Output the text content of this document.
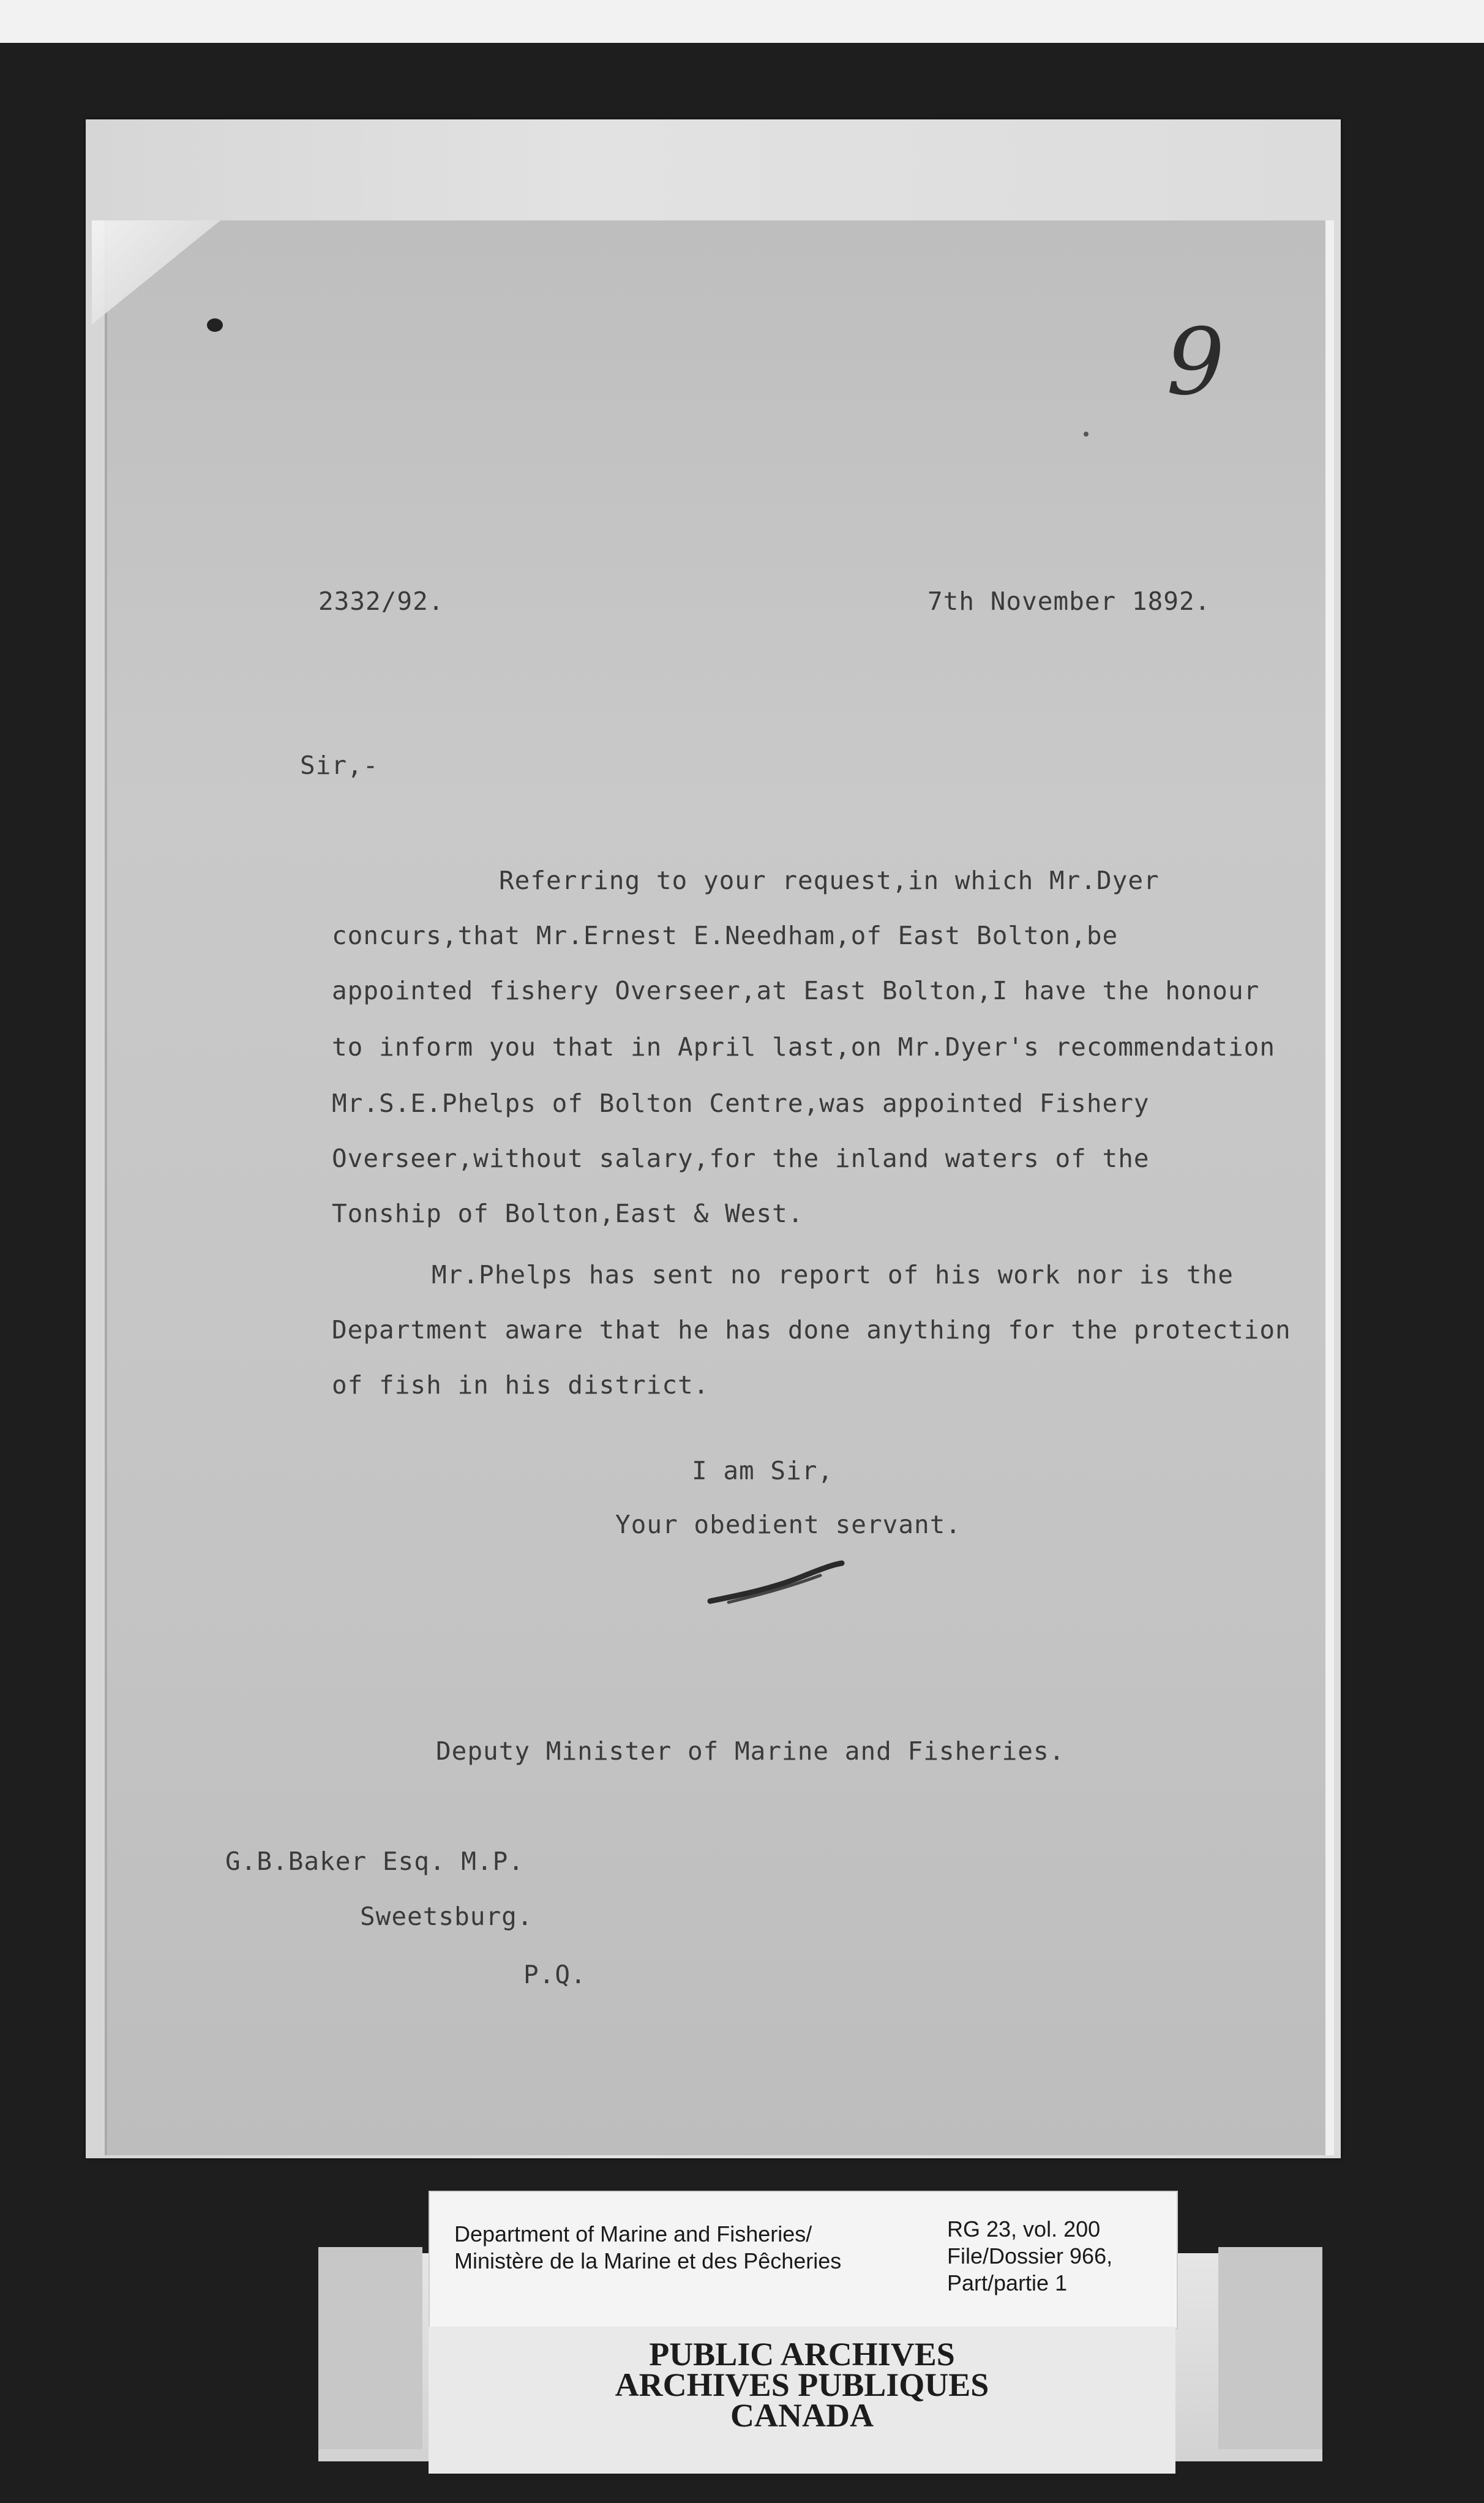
9
2332/92.	7th November 1892.
Sir,-
Referring to your request,in which Mr.Dyer
concurs,that Mr.Ernest E.Needham,of East Bolton,be
appointed fishery Overseer,at East Bolton,I have the honour
to inform you that in April last,on Mr.Dyer's recommendation
Mr.S.E.Phelps of Bolton Centre,was appointed Fishery
Overseer,without salary,for the inland waters of the
Tonship of Bolton,East & West.
Mr.Phelps has sent no report of his work nor is the
Department aware that he has done anything for the protection
of fish in his district.
I am Sir,
Your obedient servant.
Deputy Minister of Marine and Fisheries.
G.B.Baker Esq. M.P.
Sweetsburg.
P.Q.
Department of Marine and Fisheries/
Ministère de la Marine et des Pêcheries
RG 23, vol. 200
File/Dossier 966,
Part/partie 1
PUBLIC ARCHIVES
ARCHIVES PUBLIQUES
CANADA
